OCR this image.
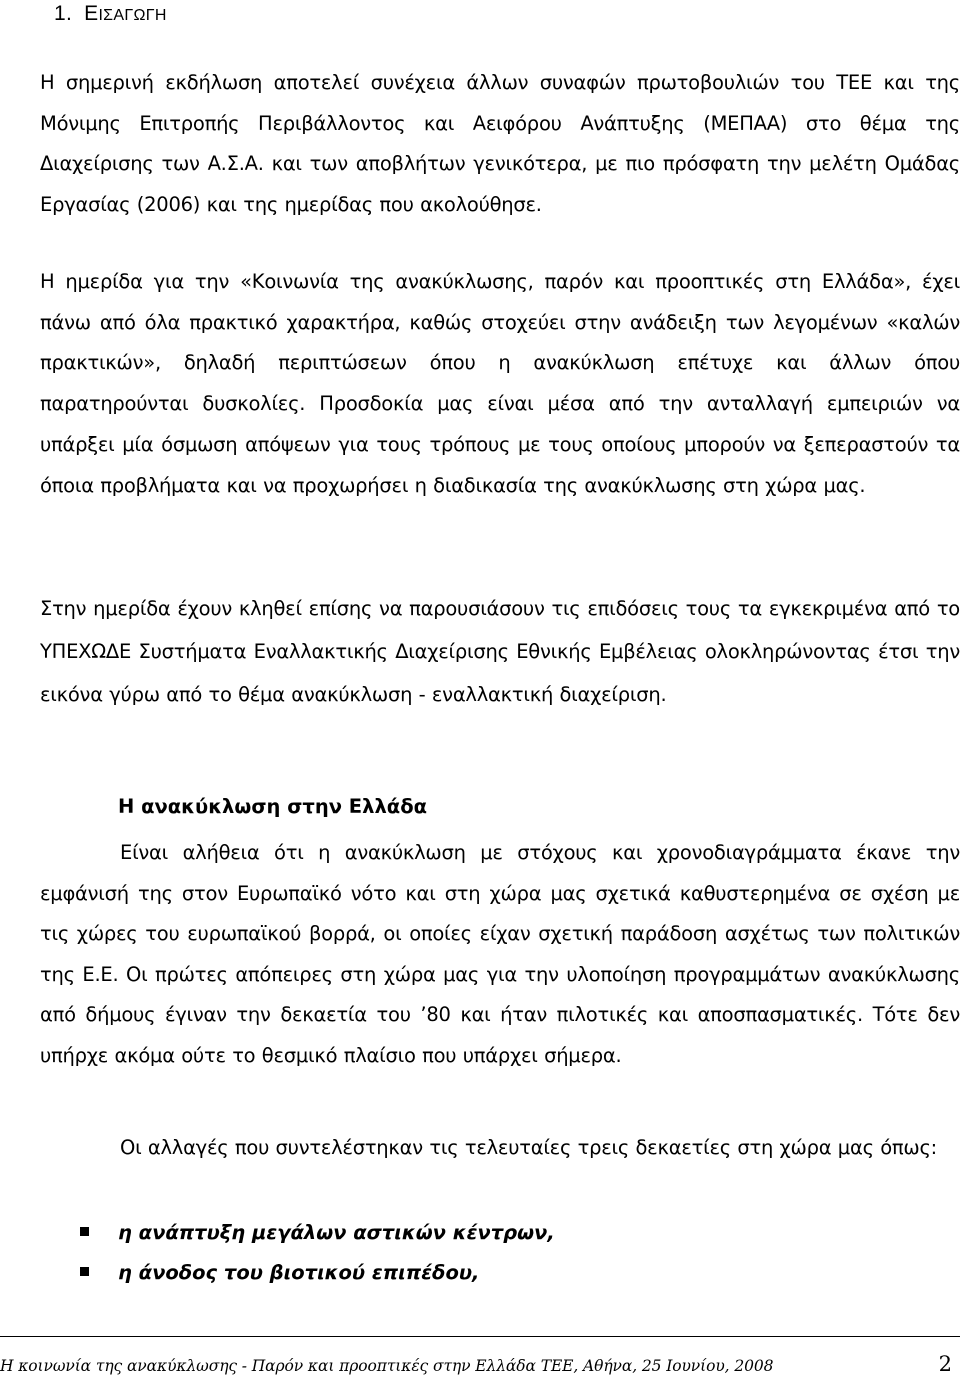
1. ΕΙΣΑΓΩΓΗ

Η σημερινή εκδήλωση αποτελεί συνέχεια άλλων συναφών πρωτοβουλιών του ΤΕΕ και της Μόνιμης Επιτροπής Περιβάλλοντος και Αειφόρου Ανάπτυξης (ΜΕΠΑΑ) στο θέμα της Διαχείρισης των Α.Σ.Α. και των αποβλήτων γενικότερα, με πιο πρόσφατη την μελέτη Ομάδας Εργασίας (2006) και της ημερίδας που ακολούθησε.

Η ημερίδα για την «Κοινωνία της ανακύκλωσης, παρόν και προοπτικές στη Ελλάδα», έχει πάνω από όλα πρακτικό χαρακτήρα, καθώς στοχεύει στην ανάδειξη των λεγομένων «καλών πρακτικών», δηλαδή περιπτώσεων όπου η ανακύκλωση επέτυχε και άλλων όπου παρατηρούνται δυσκολίες. Προσδοκία μας είναι μέσα από την ανταλλαγή εμπειριών να υπάρξει μία όσμωση απόψεων για τους τρόπους με τους οποίους μπορούν να ξεπεραστούν τα όποια προβλήματα και να προχωρήσει η διαδικασία της ανακύκλωσης στη χώρα μας.

Στην ημερίδα έχουν κληθεί επίσης να παρουσιάσουν τις επιδόσεις τους τα εγκεκριμένα από το ΥΠΕΧΩΔΕ Συστήματα Εναλλακτικής Διαχείρισης Εθνικής Εμβέλειας ολοκληρώνοντας έτσι την εικόνα γύρω από το θέμα ανακύκλωση - εναλλακτική διαχείριση.

Η ανακύκλωση στην Ελλάδα

Είναι αλήθεια ότι η ανακύκλωση με στόχους και χρονοδιαγράμματα έκανε την εμφάνισή της στον Ευρωπαϊκό νότο και στη χώρα μας σχετικά καθυστερημένα σε σχέση με τις χώρες του ευρωπαϊκού βορρά, οι οποίες είχαν σχετική παράδοση ασχέτως των πολιτικών της Ε.Ε. Οι πρώτες απόπειρες στη χώρα μας για την υλοποίηση προγραμμάτων ανακύκλωσης από δήμους έγιναν την δεκαετία του ’80 και ήταν πιλοτικές και αποσπασματικές. Τότε δεν υπήρχε ακόμα ούτε το θεσμικό πλαίσιο που υπάρχει σήμερα.

Οι αλλαγές που συντελέστηκαν τις τελευταίες τρεις δεκαετίες στη χώρα μας όπως:

η ανάπτυξη μεγάλων αστικών κέντρων,
η άνοδος του βιοτικού επιπέδου,
Η κοινωνία της ανακύκλωσης - Παρόν και προοπτικές στην Ελλάδα ΤΕΕ, Αθήνα, 25 Ιουνίου, 2008	2
